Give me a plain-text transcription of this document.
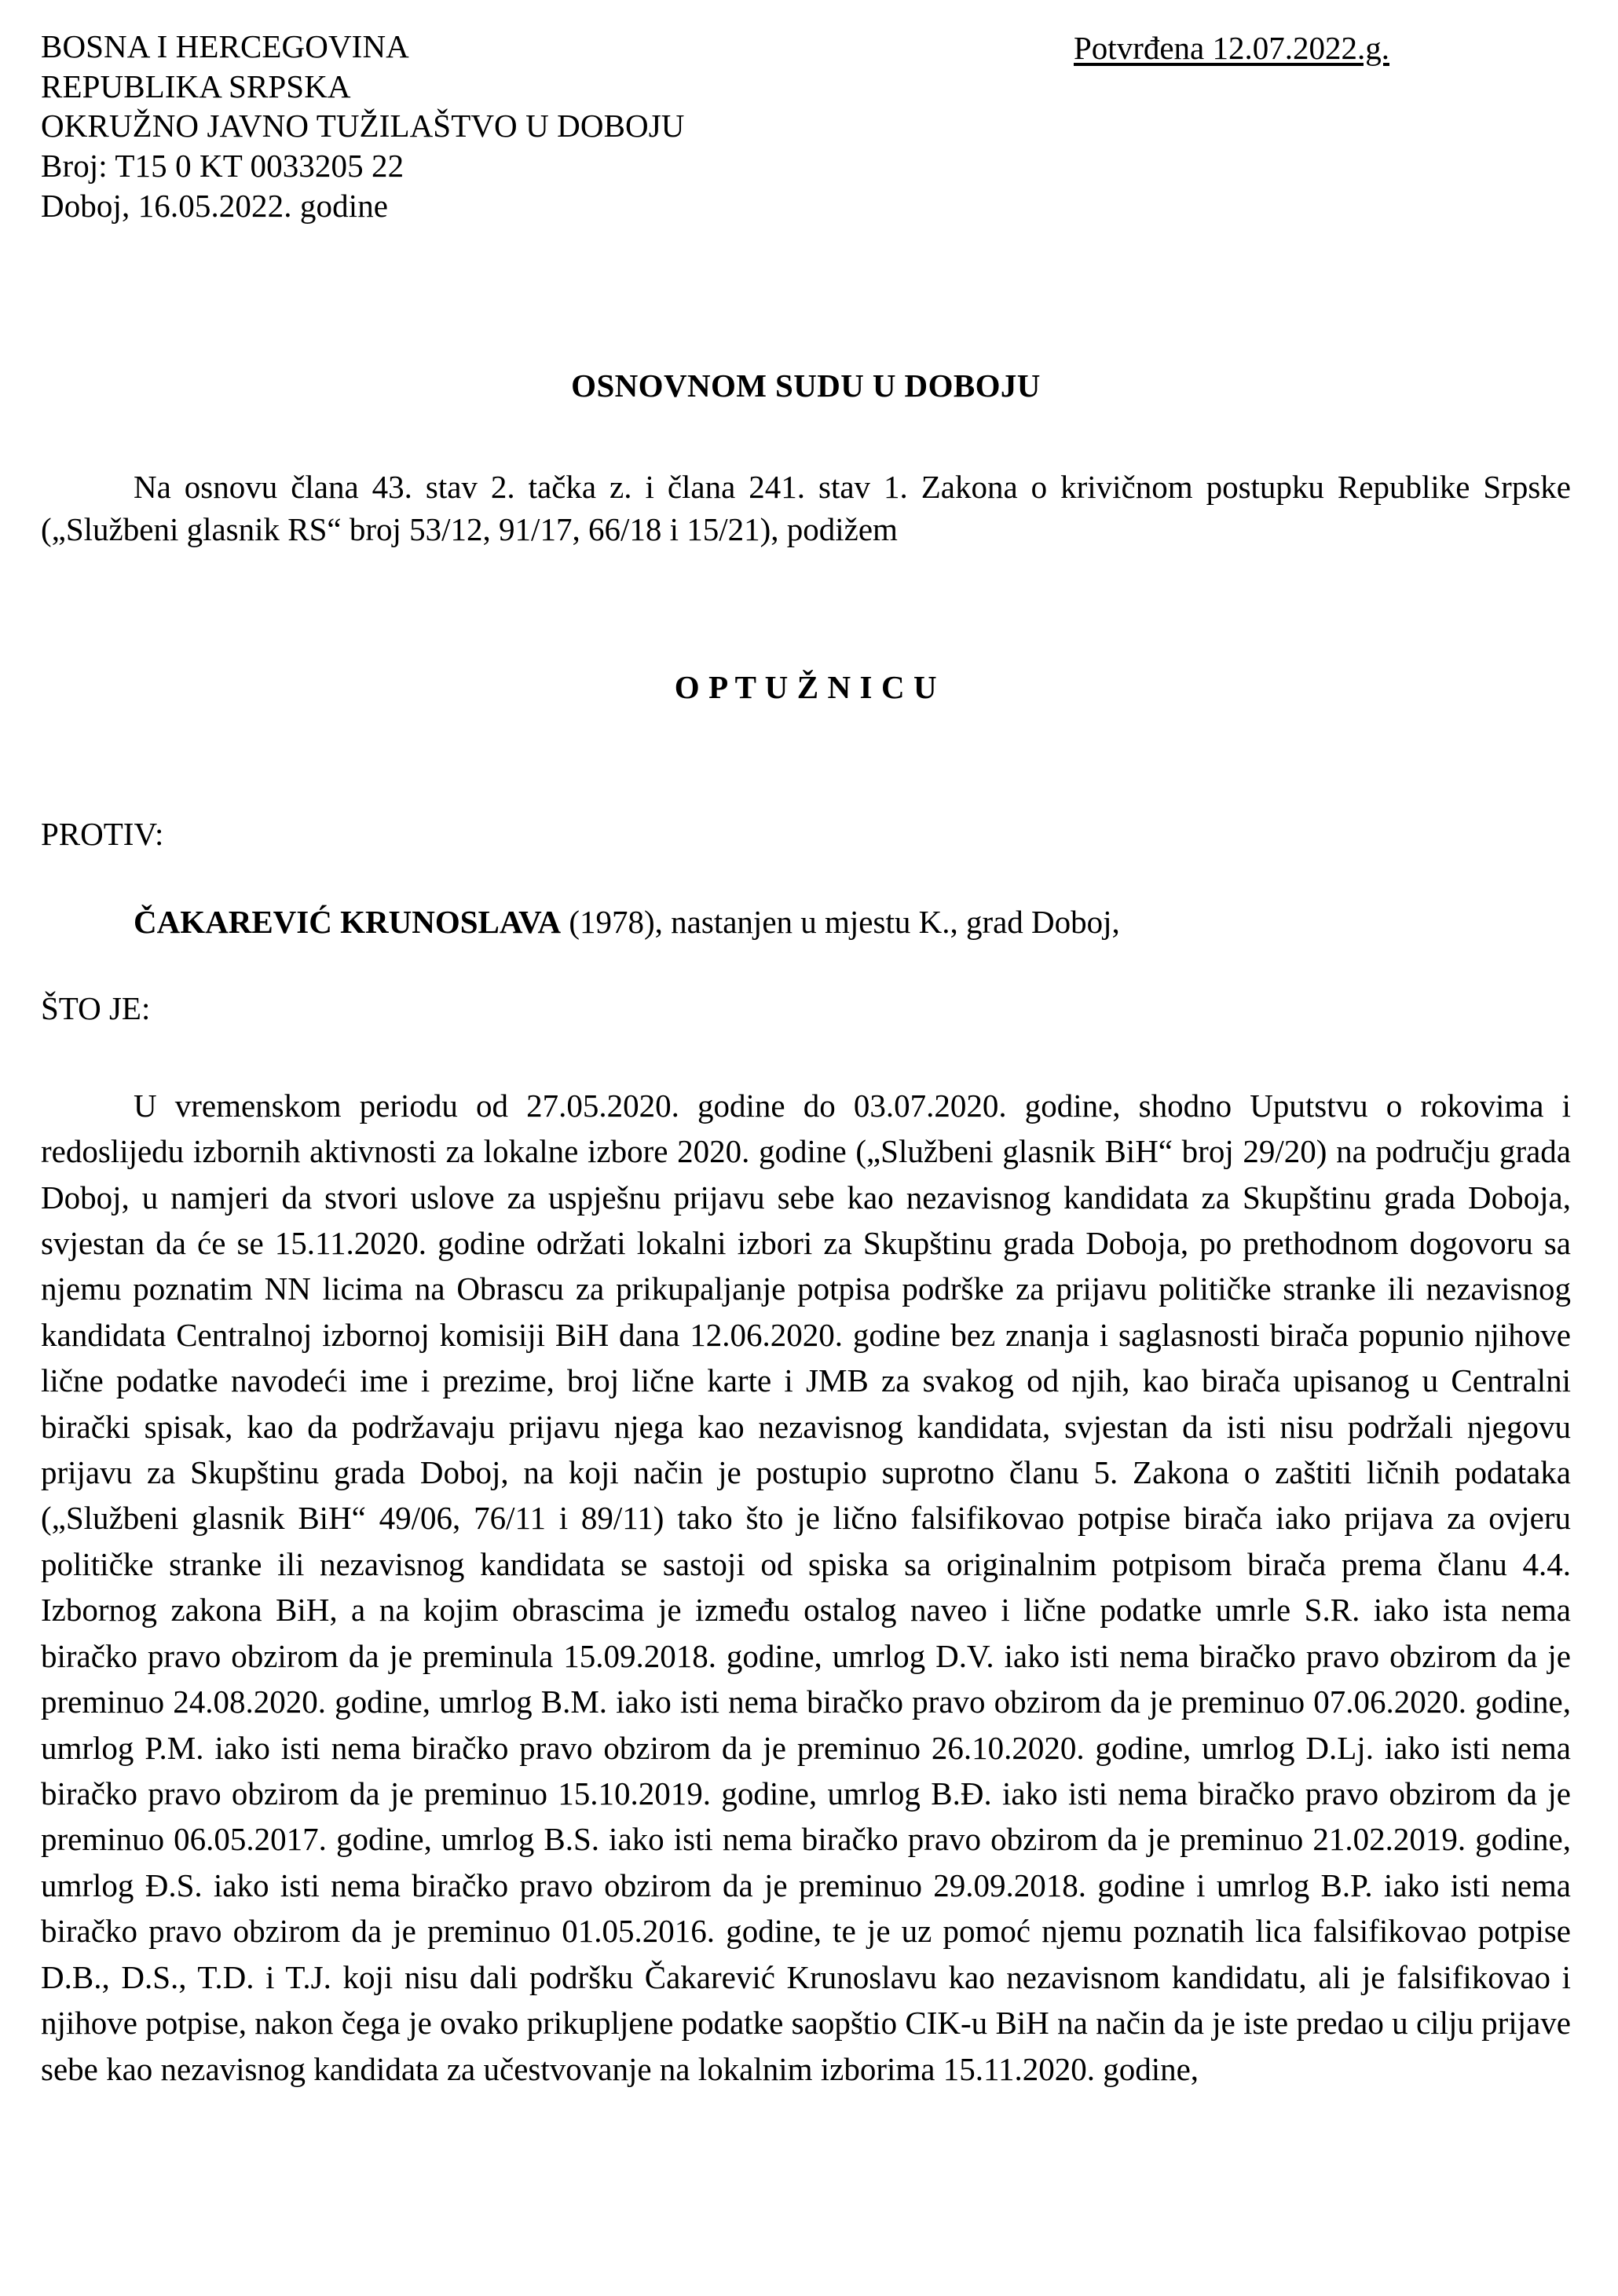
BOSNA I HERCEGOVINA
REPUBLIKA SRPSKA
OKRUŽNO JAVNO TUŽILAŠTVO U DOBOJU
Broj: T15 0 KT 0033205 22
Doboj, 16.05.2022. godine
Potvrđena 12.07.2022.g.
OSNOVNOM SUDU U DOBOJU
Na osnovu člana 43. stav 2. tačka z. i člana 241. stav 1. Zakona o krivičnom postupku Republike Srpske („Službeni glasnik RS“ broj 53/12, 91/17, 66/18 i 15/21), podižem
O P T U Ž N I C U
PROTIV:
ČAKAREVIĆ KRUNOSLAVA (1978), nastanjen u mjestu K., grad Doboj,
ŠTO JE:
U vremenskom periodu od 27.05.2020. godine do 03.07.2020. godine, shodno Uputstvu o rokovima i redoslijedu izbornih aktivnosti za lokalne izbore 2020. godine („Službeni glasnik BiH“ broj 29/20) na području grada Doboj, u namjeri da stvori uslove za uspješnu prijavu sebe kao nezavisnog kandidata za Skupštinu grada Doboja, svjestan da će se 15.11.2020. godine održati lokalni izbori za Skupštinu grada Doboja, po prethodnom dogovoru sa njemu poznatim NN licima na Obrascu za prikupaljanje potpisa podrške za prijavu političke stranke ili nezavisnog kandidata Centralnoj izbornoj komisiji BiH dana 12.06.2020. godine bez znanja i saglasnosti birača popunio njihove lične podatke navodeći ime i prezime, broj lične karte i JMB za svakog od njih, kao birača upisanog u Centralni birački spisak, kao da podržavaju prijavu njega kao nezavisnog kandidata, svjestan da isti nisu podržali njegovu prijavu za Skupštinu grada Doboj, na koji način je postupio suprotno članu 5. Zakona o zaštiti ličnih podataka („Službeni glasnik BiH“ 49/06, 76/11 i 89/11) tako što je lično falsifikovao potpise birača iako prijava za ovjeru političke stranke ili nezavisnog kandidata se sastoji od spiska sa originalnim potpisom birača prema članu 4.4. Izbornog zakona BiH, a na kojim obrascima je između ostalog naveo i lične podatke umrle S.R. iako ista nema biračko pravo obzirom da je preminula 15.09.2018. godine, umrlog D.V. iako isti nema biračko pravo obzirom da je preminuo 24.08.2020. godine, umrlog B.M. iako isti nema biračko pravo obzirom da je preminuo 07.06.2020. godine, umrlog P.M. iako isti nema biračko pravo obzirom da je preminuo 26.10.2020. godine, umrlog D.Lj. iako isti nema biračko pravo obzirom da je preminuo 15.10.2019. godine, umrlog B.Đ. iako isti nema biračko pravo obzirom da je preminuo 06.05.2017. godine, umrlog B.S. iako isti nema biračko pravo obzirom da je preminuo 21.02.2019. godine, umrlog Đ.S. iako isti nema biračko pravo obzirom da je preminuo 29.09.2018. godine i umrlog B.P. iako isti nema biračko pravo obzirom da je preminuo 01.05.2016. godine, te je uz pomoć njemu poznatih lica falsifikovao potpise D.B., D.S., T.D. i T.J. koji nisu dali podršku Čakarević Krunoslavu kao nezavisnom kandidatu, ali je falsifikovao i njihove potpise, nakon čega je ovako prikupljene podatke saopštio CIK-u BiH na način da je iste predao u cilju prijave sebe kao nezavisnog kandidata za učestvovanje na lokalnim izborima 15.11.2020. godine,
